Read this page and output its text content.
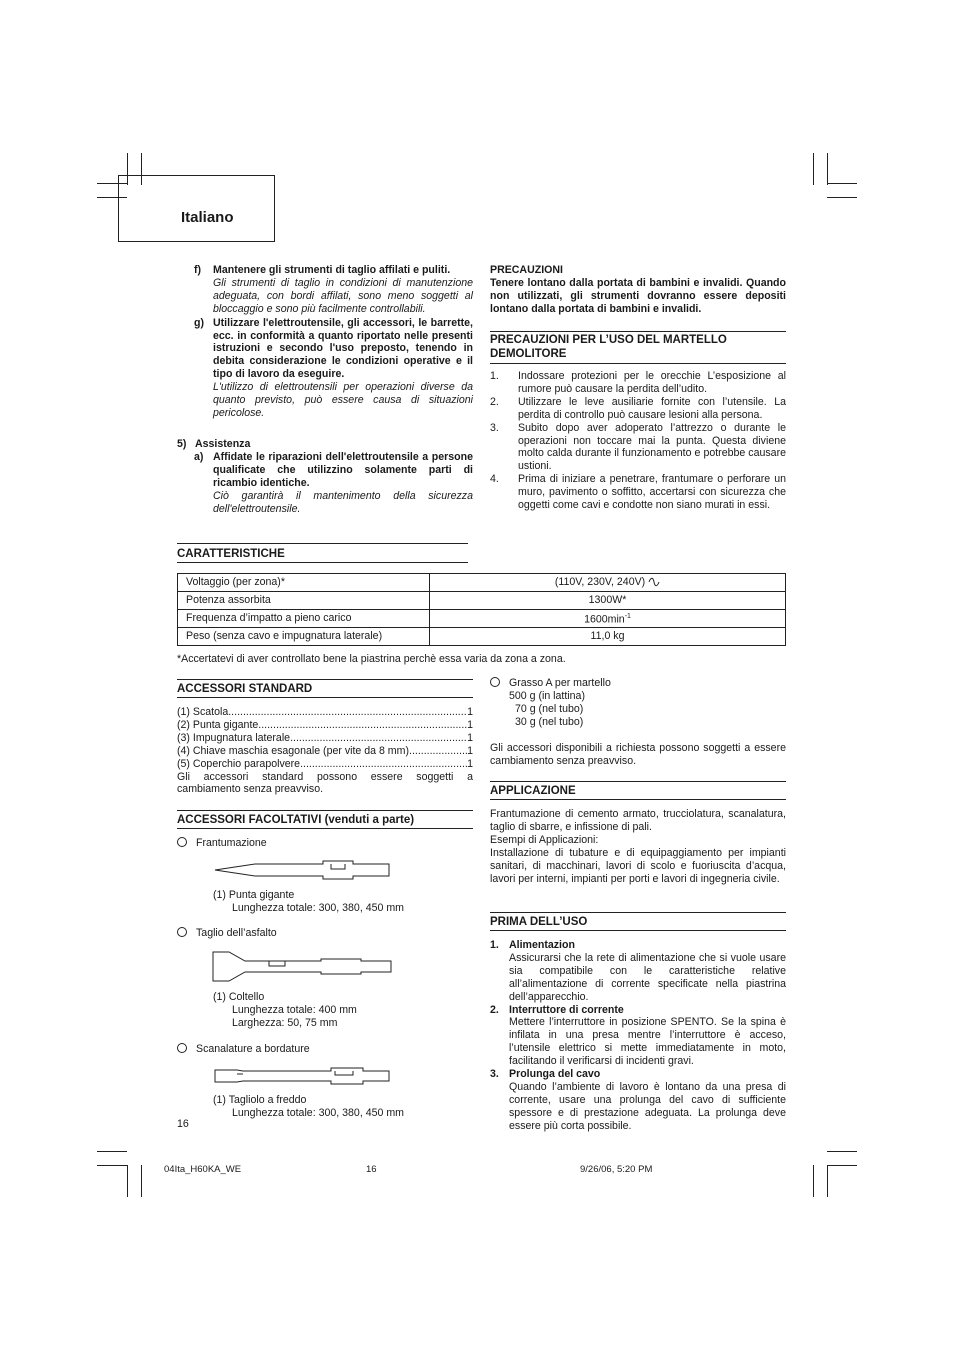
Italiano
f) Mantenere gli strumenti di taglio affilati e puliti.

Gli strumenti di taglio in condizioni di manutenzione adeguata, con bordi affilati, sono meno soggetti al bloccaggio e sono più facilmente controllabili.

g) Utilizzare l'elettroutensile, gli accessori, le barrette, ecc. in conformità a quanto riportato nelle presenti istruzioni e secondo l'uso preposto, tenendo in debita considerazione le condizioni operative e il tipo di lavoro da eseguire.

L'utilizzo di elettroutensili per operazioni diverse da quanto previsto, può essere causa di situazioni pericolose.

5) Assistenza

a) Affidate le riparazioni dell'elettroutensile a persone qualificate che utilizzino solamente parti di ricambio identiche.

Ciò garantirà il mantenimento della sicurezza dell'elettroutensile.

PRECAUZIONI

Tenere lontano dalla portata di bambini e invalidi. Quando non utilizzati, gli strumenti dovranno essere depositi lontano dalla portata di bambini e invalidi.

PRECAUZIONI PER L’USO DEL MARTELLO DEMOLITORE
1. Indossare protezioni per le orecchie L’esposizione al rumore può causare la perdita dell’udito.

2. Utilizzare le leve ausiliarie fornite con l’utensile. La perdita di controllo può causare lesioni alla persona.

3. Subito dopo aver adoperato l’attrezzo o durante le operazioni non toccare mai la punta. Questa diviene molto calda durante il funzionamento e potrebbe causare ustioni.

4. Prima di iniziare a penetrare, frantumare o perforare un muro, pavimento o soffitto, accertarsi con sicurezza che oggetti come cavi e condotte non siano murati in essi.

CARATTERISTICHE
Voltaggio (per zona)*	(110V, 230V, 240V)
Potenza assorbita	1300W*
Frequenza d’impatto a pieno carico	$1600\min^{-1}$
Peso (senza cavo e impugnatura laterale)	11,0 kg
*Accertatevi di aver controllato bene la piastrina perchè essa varia da zona a zona.
ACCESSORI STANDARD
(1) Scatola .....	1
(2) Punta gigante .....	1
(3) Impugnatura laterale .....	1
(4) Chiave maschia esagonale (per vite da 8 mm) .....	1
(5) Coperchio parapolvere .....	1

Gli accessori standard possono essere soggetti a cambiamento senza preavviso.

ACCESSORI FACOLTATIVI (venduti a parte)
Frantumazione
(1) Punta gigante
Lunghezza totale: 300, 380, 450 mm
Taglio dell’asfalto
(1) Coltello
Lunghezza totale: 400 mm
Larghezza: 50, 75 mm
Scanalature a bordature
(1) Tagliolo a freddo
Lunghezza totale: 300, 380, 450 mm
16
Grasso A per martello
500 g (in lattina)
70 g (nel tubo)
30 g (nel tubo)

Gli accessori disponibili a richiesta possono soggetti a essere cambiamento senza preavviso.

APPLICAZIONE

Frantumazione di cemento armato, trucciolatura, scanalatura, taglio di sbarre, e infissione di pali.

Esempi di Applicazioni:

Installazione di tubature e di equipaggiamento per impianti sanitari, di macchinari, lavori di scolo e fuoriuscita d’acqua, lavori per interni, impianti per porti e lavori di ingegneria civile.

PRIMA DELL’USO
1. Alimentazion

Assicurarsi che la rete di alimentazione che si vuole usare sia compatibile con le caratteristiche relative all’alimentazione di corrente specificate nella piastrina dell’apparecchio.

2. Interruttore di corrente

Mettere l’interruttore in posizione SPENTO. Se la spina è infilata in una presa mentre l’interruttore è acceso, l’utensile elettrico si mette immediatamente in moto, facilitando il verificarsi di incidenti gravi.

3. Prolunga del cavo

Quando l’ambiente di lavoro è lontano da una presa di corrente, usare una prolunga del cavo di sufficiente spessore e di prestazione adeguata. La prolunga deve essere più corta possibile.

04Ita_H60KA_WE	16	9/26/06, 5:20 PM
